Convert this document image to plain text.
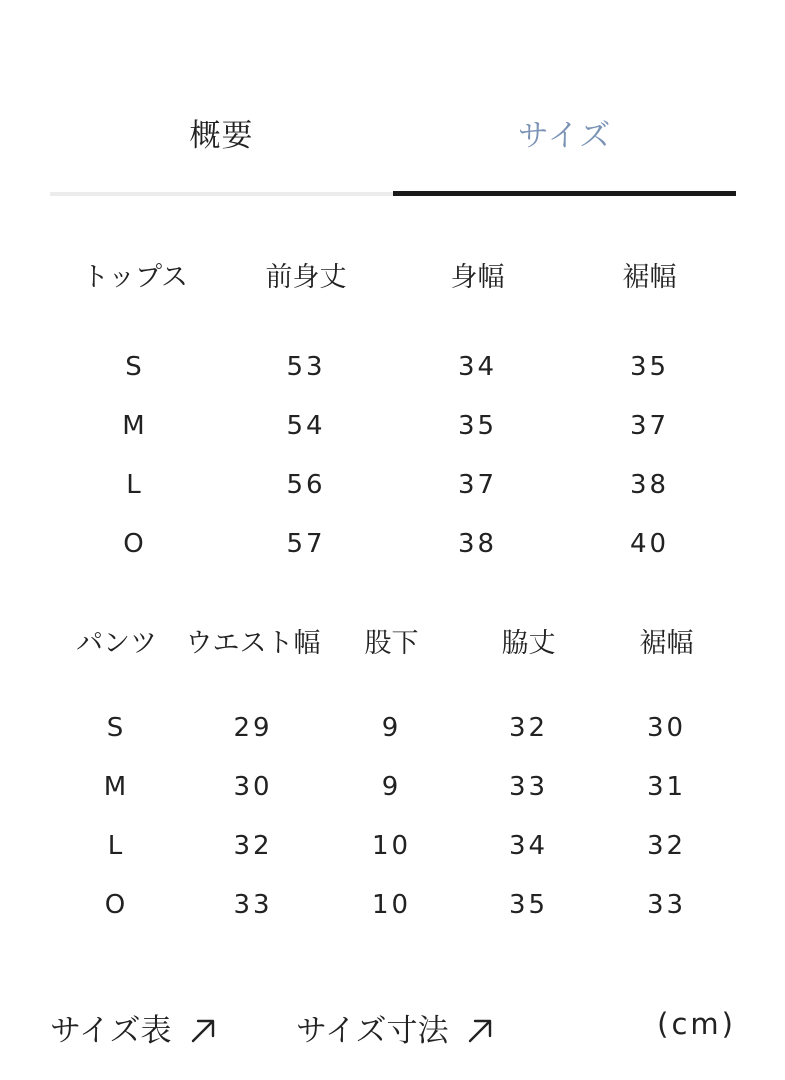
概要	サイズ
トップス	前身丈	身幅	裾幅
S	53	34	35
M	54	35	37
L	56	37	38
O	57	38	40
パンツ	ウエスト幅	股下	脇丈	裾幅
S	29	9	32	30
M	30	9	33	31
L	32	10	34	32
O	33	10	35	33
サイズ表	サイズ寸法	(cm)
